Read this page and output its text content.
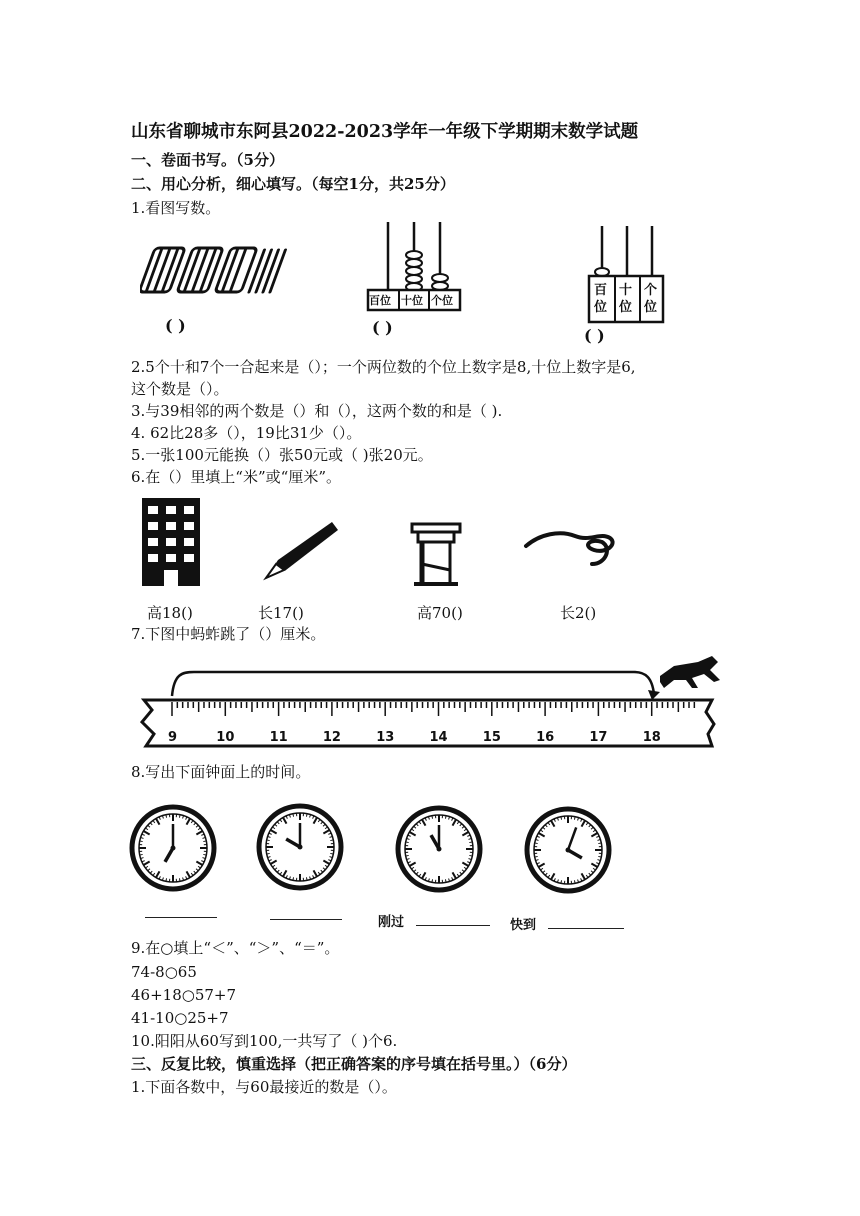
山东省聊城市东阿县2022-2023学年一年级下学期期末数学试题
一、卷面书写。（5分）
二、用心分析，细心填写。（每空1分，共25分）
1.看图写数。
( )
百位 十位 个位
( )
百
位
十
位
个
位
( )
2.5个十和7个一合起来是（）；一个两位数的个位上数字是8,十位上数字是6,
这个数是（）。
3.与39相邻的两个数是（）和（），这两个数的和是（ ).
4. 62比28多（），19比31少（）。
5.一张100元能换（）张50元或（ )张20元。
6.在（）里填上“米”或“厘米”。
高18()	长17()	高70()	长2()
7.下图中蚂蚱跳了（）厘米。
9	10	11	12	13	14	15	16	17	18
8.写出下面钟面上的时间。
刚过	快到
9.在○填上“＜”、“＞”、“＝”。
74-8○65
46+18○57+7
41-10○25+7
10.阳阳从60写到100,一共写了（ )个6.
三、反复比较，慎重选择（把正确答案的序号填在括号里。）（6分）
1.下面各数中，与60最接近的数是（）。
